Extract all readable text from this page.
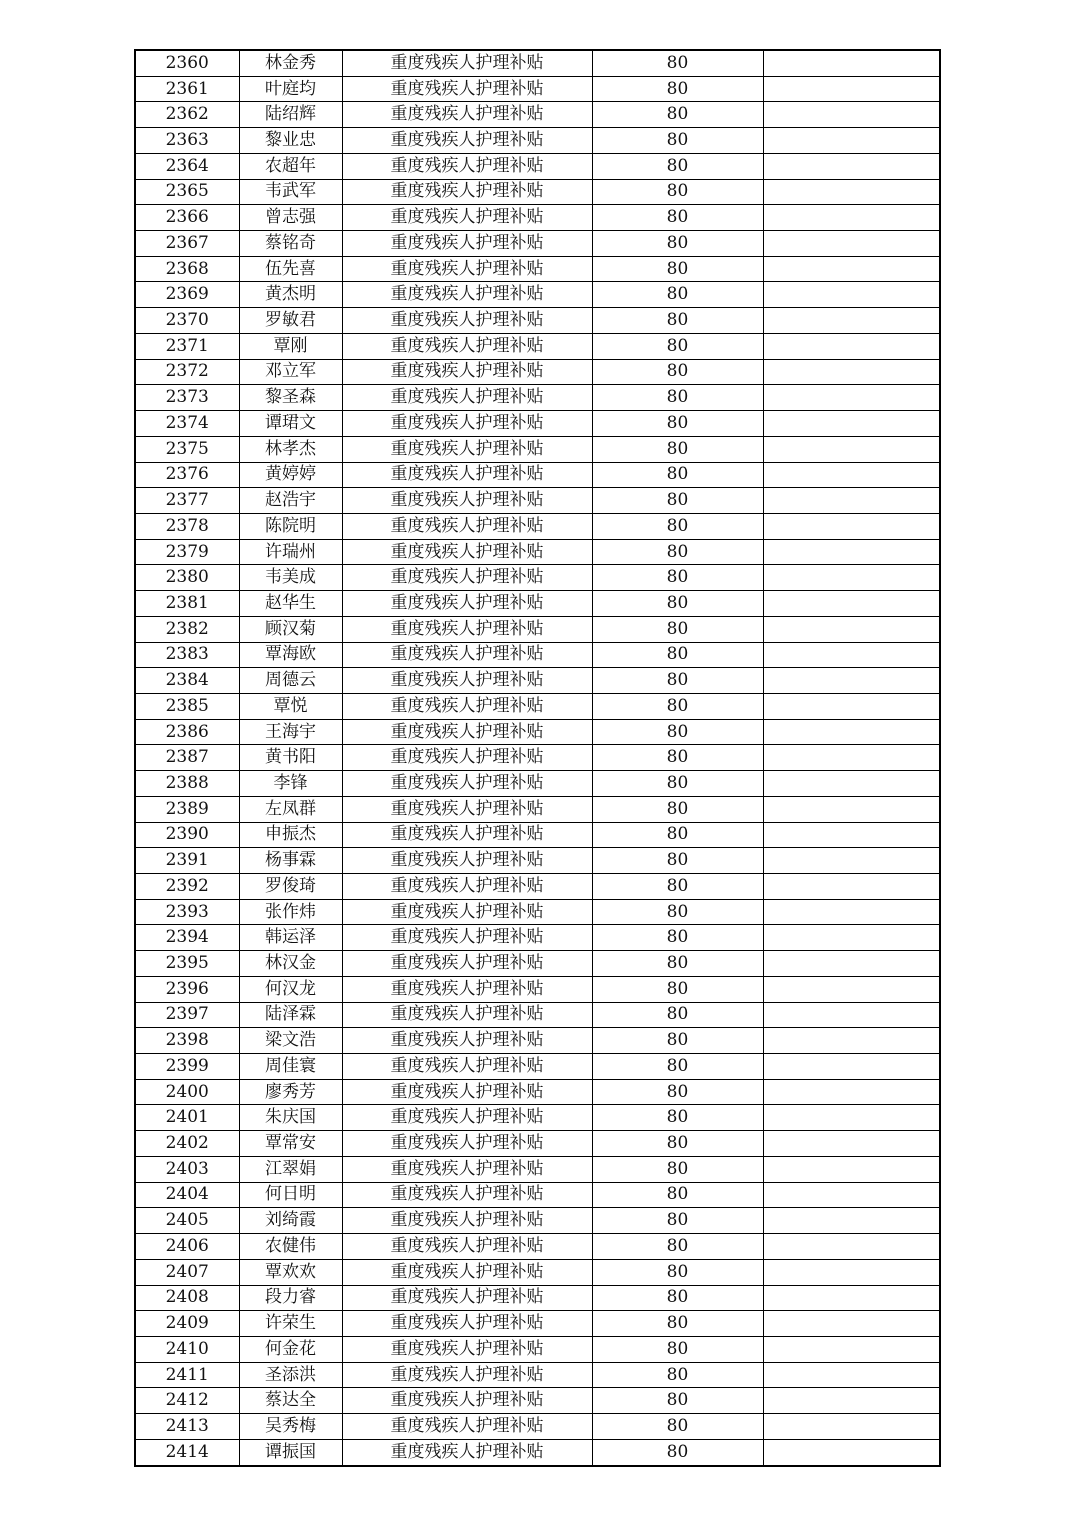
2360	林金秀	重度残疾人护理补贴	80	
2361	叶庭均	重度残疾人护理补贴	80	
2362	陆绍辉	重度残疾人护理补贴	80	
2363	黎业忠	重度残疾人护理补贴	80	
2364	农超年	重度残疾人护理补贴	80	
2365	韦武军	重度残疾人护理补贴	80	
2366	曾志强	重度残疾人护理补贴	80	
2367	蔡铭奇	重度残疾人护理补贴	80	
2368	伍先喜	重度残疾人护理补贴	80	
2369	黄杰明	重度残疾人护理补贴	80	
2370	罗敏君	重度残疾人护理补贴	80	
2371	覃刚	重度残疾人护理补贴	80	
2372	邓立军	重度残疾人护理补贴	80	
2373	黎圣森	重度残疾人护理补贴	80	
2374	谭珺文	重度残疾人护理补贴	80	
2375	林孝杰	重度残疾人护理补贴	80	
2376	黄婷婷	重度残疾人护理补贴	80	
2377	赵浩宇	重度残疾人护理补贴	80	
2378	陈院明	重度残疾人护理补贴	80	
2379	许瑞州	重度残疾人护理补贴	80	
2380	韦美成	重度残疾人护理补贴	80	
2381	赵华生	重度残疾人护理补贴	80	
2382	顾汉菊	重度残疾人护理补贴	80	
2383	覃海欧	重度残疾人护理补贴	80	
2384	周德云	重度残疾人护理补贴	80	
2385	覃悦	重度残疾人护理补贴	80	
2386	王海宇	重度残疾人护理补贴	80	
2387	黄书阳	重度残疾人护理补贴	80	
2388	李锋	重度残疾人护理补贴	80	
2389	左凤群	重度残疾人护理补贴	80	
2390	申振杰	重度残疾人护理补贴	80	
2391	杨事霖	重度残疾人护理补贴	80	
2392	罗俊琦	重度残疾人护理补贴	80	
2393	张作炜	重度残疾人护理补贴	80	
2394	韩运泽	重度残疾人护理补贴	80	
2395	林汉金	重度残疾人护理补贴	80	
2396	何汉龙	重度残疾人护理补贴	80	
2397	陆泽霖	重度残疾人护理补贴	80	
2398	梁文浩	重度残疾人护理补贴	80	
2399	周佳寰	重度残疾人护理补贴	80	
2400	廖秀芳	重度残疾人护理补贴	80	
2401	朱庆国	重度残疾人护理补贴	80	
2402	覃常安	重度残疾人护理补贴	80	
2403	江翠娟	重度残疾人护理补贴	80	
2404	何日明	重度残疾人护理补贴	80	
2405	刘绮霞	重度残疾人护理补贴	80	
2406	农健伟	重度残疾人护理补贴	80	
2407	覃欢欢	重度残疾人护理补贴	80	
2408	段力睿	重度残疾人护理补贴	80	
2409	许荣生	重度残疾人护理补贴	80	
2410	何金花	重度残疾人护理补贴	80	
2411	圣添洪	重度残疾人护理补贴	80	
2412	蔡达全	重度残疾人护理补贴	80	
2413	吴秀梅	重度残疾人护理补贴	80	
2414	谭振国	重度残疾人护理补贴	80	
